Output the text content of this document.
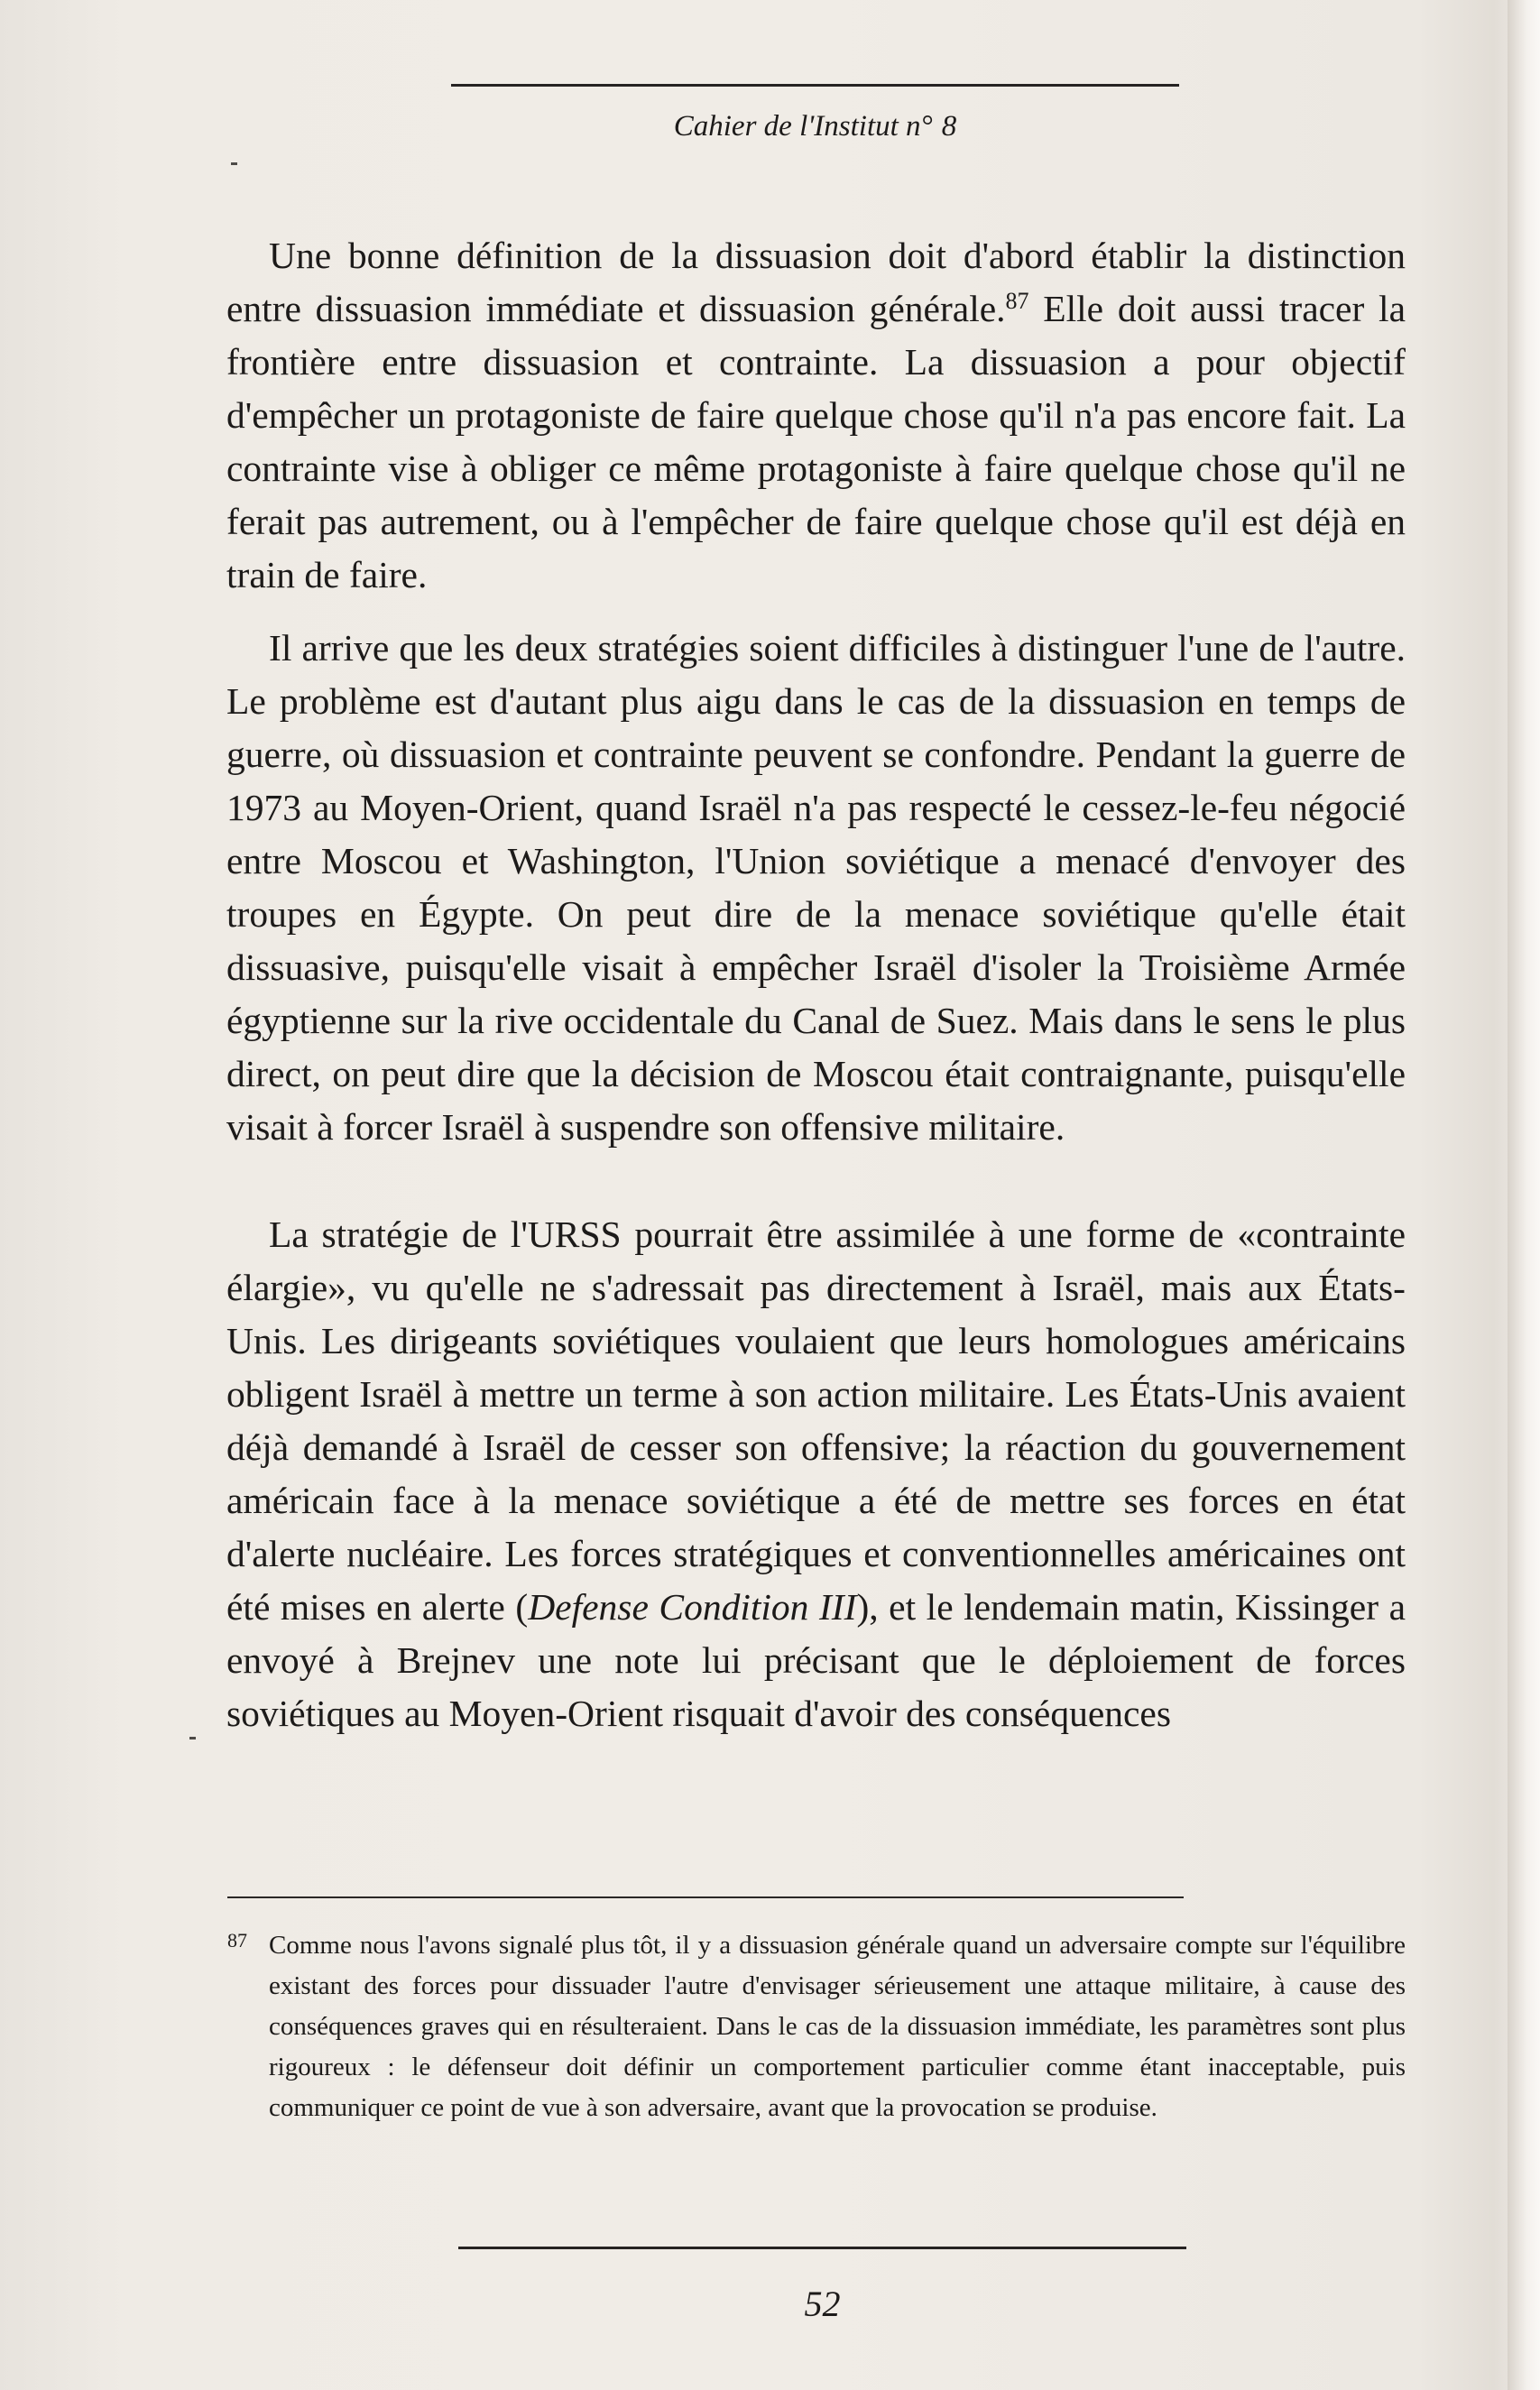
Cahier de l'Institut n° 8

Une bonne définition de la dissuasion doit d'abord établir la distinction entre dissuasion immédiate et dissuasion générale.$^{87}$ Elle doit aussi tracer la frontière entre dissuasion et contrainte. La dissuasion a pour objectif d'empêcher un protagoniste de faire quelque chose qu'il n'a pas encore fait. La contrainte vise à obliger ce même protagoniste à faire quelque chose qu'il ne ferait pas autrement, ou à l'empêcher de faire quelque chose qu'il est déjà en train de faire.

Il arrive que les deux stratégies soient difficiles à distinguer l'une de l'autre. Le problème est d'autant plus aigu dans le cas de la dissuasion en temps de guerre, où dissuasion et contrainte peuvent se confondre. Pendant la guerre de 1973 au Moyen-Orient, quand Israël n'a pas respecté le cessez-le-feu négocié entre Moscou et Washington, l'Union soviétique a menacé d'envoyer des troupes en Égypte. On peut dire de la menace soviétique qu'elle était dissuasive, puisqu'elle visait à empêcher Israël d'isoler la Troisième Armée égyptienne sur la rive occidentale du Canal de Suez. Mais dans le sens le plus direct, on peut dire que la décision de Moscou était contraignante, puisqu'elle visait à forcer Israël à suspendre son offensive militaire.

La stratégie de l'URSS pourrait être assimilée à une forme de «contrainte élargie», vu qu'elle ne s'adressait pas directement à Israël, mais aux États-Unis. Les dirigeants soviétiques voulaient que leurs homologues américains obligent Israël à mettre un terme à son action militaire. Les États-Unis avaient déjà demandé à Israël de cesser son offensive; la réaction du gouvernement américain face à la menace soviétique a été de mettre ses forces en état d'alerte nucléaire. Les forces stratégiques et conventionnelles américaines ont été mises en alerte (Defense Condition III), et le lendemain matin, Kissinger a envoyé à Brejnev une note lui précisant que le déploiement de forces soviétiques au Moyen-Orient risquait d'avoir des conséquences

87 Comme nous l'avons signalé plus tôt, il y a dissuasion générale quand un adversaire compte sur l'équilibre existant des forces pour dissuader l'autre d'envisager sérieusement une attaque militaire, à cause des conséquences graves qui en résulteraient. Dans le cas de la dissuasion immédiate, les paramètres sont plus rigoureux : le défenseur doit définir un comportement particulier comme étant inacceptable, puis communiquer ce point de vue à son adversaire, avant que la provocation se produise.
52
